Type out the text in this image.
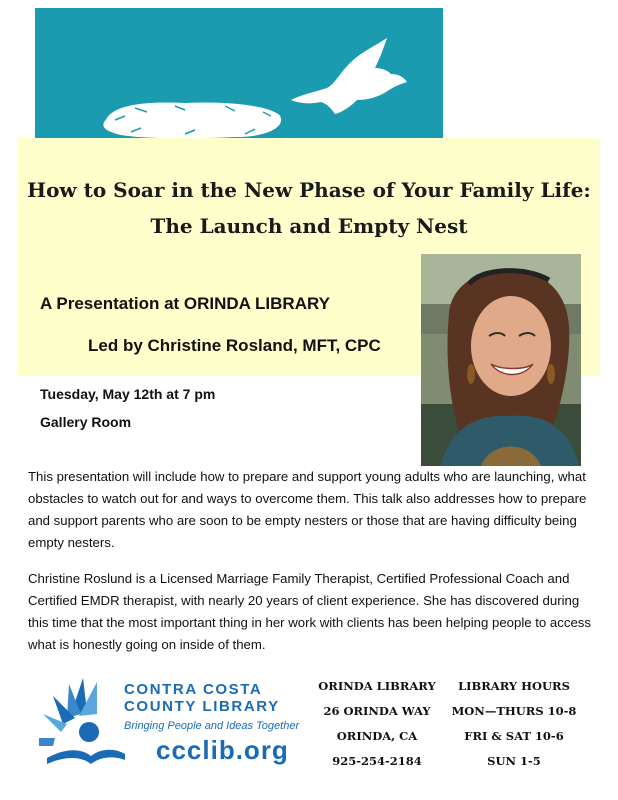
How to Soar in the New Phase of Your Family Life:
The Launch and Empty Nest
A Presentation at ORINDA LIBRARY
Led by Christine Rosland, MFT, CPC
Tuesday, May 12th at 7 pm
Gallery Room
This presentation will include how to prepare and support young adults who are launching, what obstacles to watch out for and ways to overcome them. This talk also addresses how to prepare and support parents who are soon to be empty nesters or those that are having difficulty being empty nesters.
Christine Roslund is a Licensed Marriage Family Therapist, Certified Professional Coach and Certified EMDR therapist, with nearly 20 years of client experience. She has discovered during this time that the most important thing in her work with clients has been helping people to access what is honestly going on inside of them.
CONTRA COSTA
COUNTY LIBRARY
Bringing People and Ideas Together
ccclib.org
ORINDA LIBRARY
26 ORINDA WAY
ORINDA, CA
925-254-2184
LIBRARY HOURS
MON—THURS 10-8
FRI & SAT 10-6
SUN 1-5
